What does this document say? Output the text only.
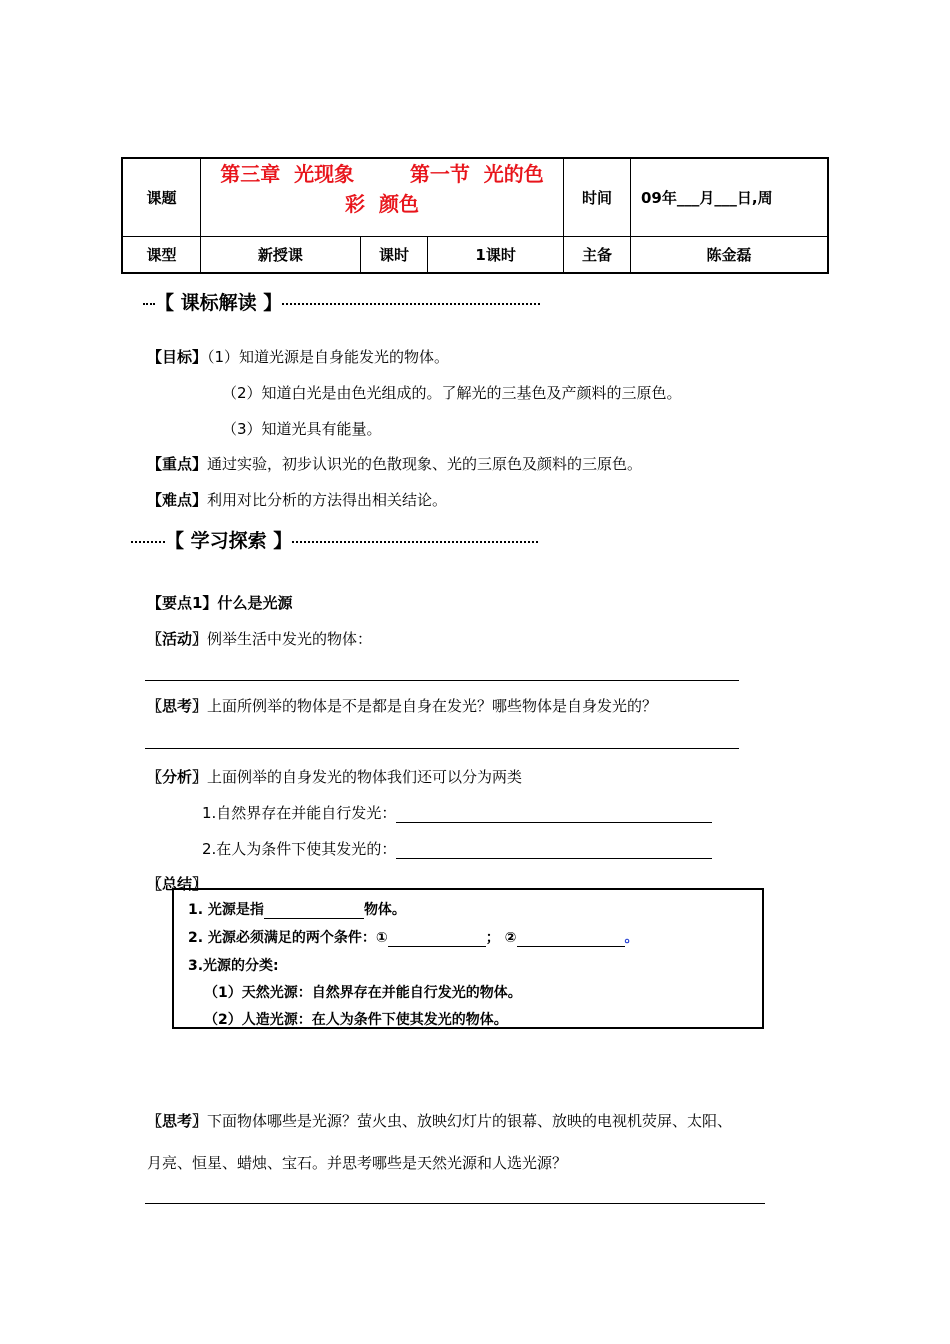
课题	第三章  光现象        第一节  光的色
彩  颜色			时间	09年___月___日,周
课型	新授课	课时	1课时	主备	陈金磊
【 课标解读 】
【目标】（1）知道光源是自身能发光的物体。
（2）知道白光是由色光组成的。了解光的三基色及产颜料的三原色。
（3）知道光具有能量。
【重点】通过实验，初步认识光的色散现象、光的三原色及颜料的三原色。
【难点】利用对比分析的方法得出相关结论。
【 学习探索 】
【要点1】什么是光源
〖活动〗例举生活中发光的物体：
〖思考〗上面所例举的物体是不是都是自身在发光？哪些物体是自身发光的？
〖分析〗上面例举的自身发光的物体我们还可以分为两类
1.自然界存在并能自行发光：
2.在人为条件下使其发光的：
〖总结〗
1. 光源是指	物体。
2. 光源必须满足的两个条件：①	； ②	。
3.光源的分类:
（1）天然光源：自然界存在并能自行发光的物体。
（2）人造光源：在人为条件下使其发光的物体。
〖思考〗下面物体哪些是光源？萤火虫、放映幻灯片的银幕、放映的电视机荧屏、太阳、
月亮、恒星、蜡烛、宝石。并思考哪些是天然光源和人选光源？
